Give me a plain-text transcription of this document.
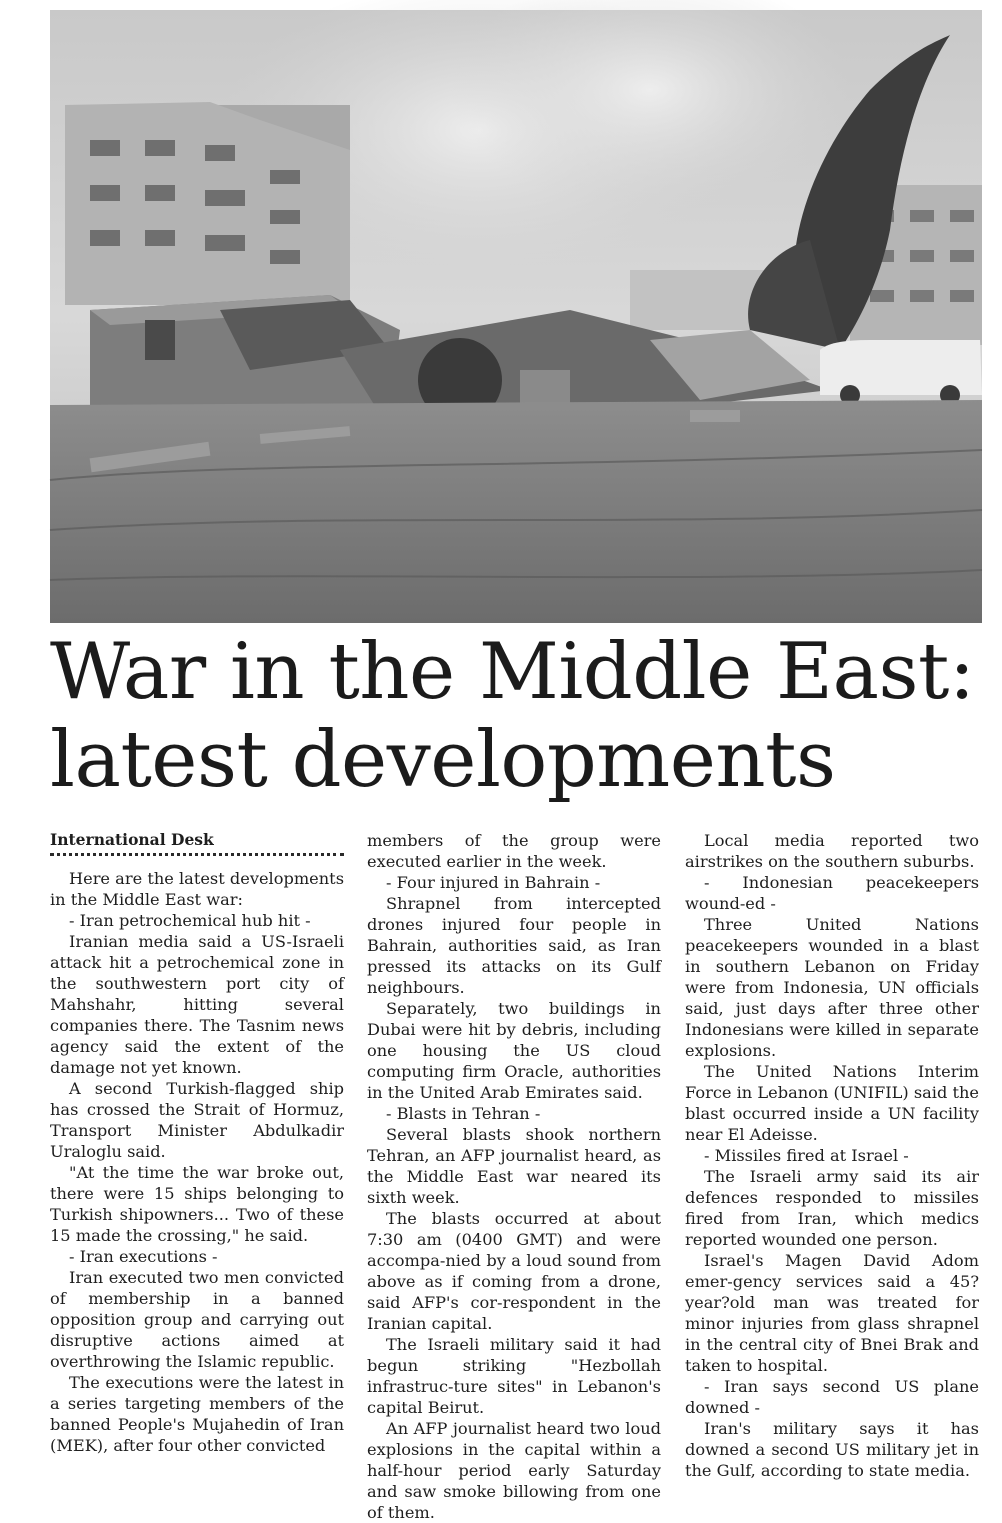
War in the Middle East:
latest developments
International Desk

Here are the latest developments in the Middle East war:

- Iran petrochemical hub hit -

Iranian media said a US-Israeli attack hit a petrochemical zone in the southwestern port city of Mahshahr, hitting several companies there. The Tasnim news agency said the extent of the damage not yet known.

A second Turkish-flagged ship has crossed the Strait of Hormuz, Transport Minister Abdulkadir Uraloglu said.

"At the time the war broke out, there were 15 ships belonging to Turkish shipowners... Two of these 15 made the crossing," he said.

- Iran executions -

Iran executed two men convicted of membership in a banned opposition group and carrying out disruptive actions aimed at overthrowing the Islamic republic.

The executions were the latest in a series targeting members of the banned People's Mujahedin of Iran (MEK), after four other convicted

members of the group were executed earlier in the week.

- Four injured in Bahrain -

Shrapnel from intercepted drones injured four people in Bahrain, authorities said, as Iran pressed its attacks on its Gulf neighbours.

Separately, two buildings in Dubai were hit by debris, including one housing the US cloud computing firm Oracle, authorities in the United Arab Emirates said.

- Blasts in Tehran -

Several blasts shook northern Tehran, an AFP journalist heard, as the Middle East war neared its sixth week.

The blasts occurred at about 7:30 am (0400 GMT) and were accompa-nied by a loud sound from above as if coming from a drone, said AFP's cor-respondent in the Iranian capital.

The Israeli military said it had begun striking "Hezbollah infrastruc-ture sites" in Lebanon's capital Beirut.

An AFP journalist heard two loud explosions in the capital within a half-hour period early Saturday and saw smoke billowing from one of them.

Local media reported two airstrikes on the southern suburbs.

- Indonesian peacekeepers wound-ed -

Three United Nations peacekeepers wounded in a blast in southern Lebanon on Friday were from Indonesia, UN officials said, just days after three other Indonesians were killed in separate explosions.

The United Nations Interim Force in Lebanon (UNIFIL) said the blast occurred inside a UN facility near El Adeisse.

- Missiles fired at Israel -

The Israeli army said its air defences responded to missiles fired from Iran, which medics reported wounded one person.

Israel's Magen David Adom emer-gency services said a 45?year?old man was treated for minor injuries from glass shrapnel in the central city of Bnei Brak and taken to hospital.

- Iran says second US plane downed -

Iran's military says it has downed a second US military jet in the Gulf, according to state media.
